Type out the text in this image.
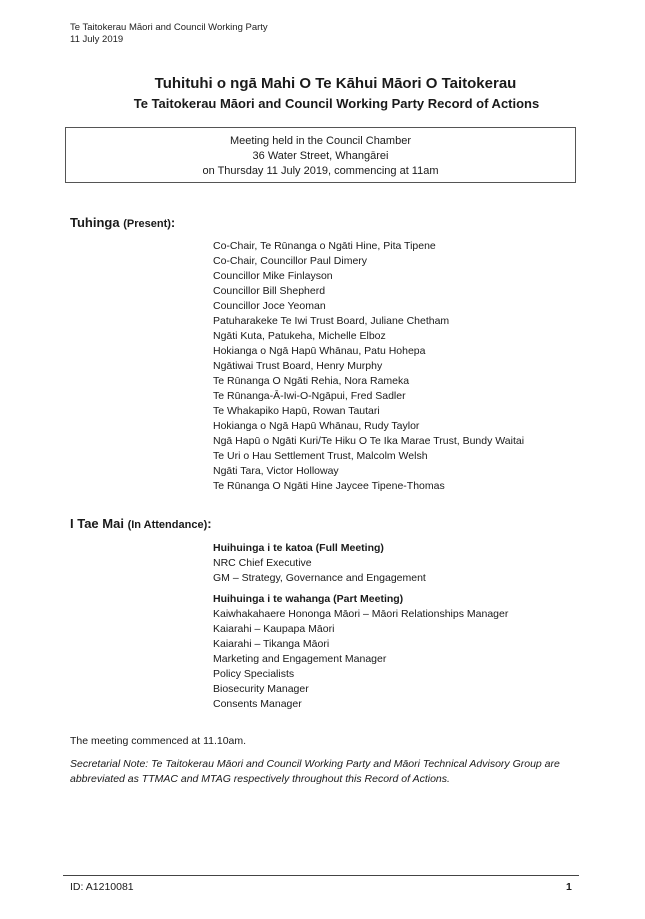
Te Taitokerau Māori and Council Working Party
11 July 2019
Tuhituhi o ngā Mahi O Te Kāhui Māori O Taitokerau
Te Taitokerau Māori and Council Working Party Record of Actions
Meeting held in the Council Chamber
36 Water Street, Whangārei
on Thursday 11 July 2019, commencing at 11am
Tuhinga (Present):
Co-Chair, Te Rūnanga o Ngāti Hine, Pita Tipene
Co-Chair, Councillor Paul Dimery
Councillor Mike Finlayson
Councillor Bill Shepherd
Councillor Joce Yeoman
Patuharakeke Te Iwi Trust Board, Juliane Chetham
Ngāti Kuta, Patukeha, Michelle Elboz
Hokianga o Ngā Hapū Whānau, Patu Hohepa
Ngātiwai Trust Board, Henry Murphy
Te Rūnanga O Ngāti Rehia, Nora Rameka
Te Rūnanga-Ā-Iwi-O-Ngāpui, Fred Sadler
Te Whakapiko Hapū, Rowan Tautari
Hokianga o Ngā Hapū Whānau, Rudy Taylor
Ngā Hapū o Ngāti Kuri/Te Hiku O Te Ika Marae Trust, Bundy Waitai
Te Uri o Hau Settlement Trust, Malcolm Welsh
Ngāti Tara, Victor Holloway
Te Rūnanga O Ngāti Hine Jaycee Tipene-Thomas
I Tae Mai (In Attendance):
Huihuinga i te katoa (Full Meeting)
NRC Chief Executive
GM – Strategy, Governance and Engagement
Huihuinga i te wahanga (Part Meeting)
Kaiwhakahaere Hononga Māori – Māori Relationships Manager
Kaiarahi – Kaupapa Māori
Kaiarahi – Tikanga Māori
Marketing and Engagement Manager
Policy Specialists
Biosecurity Manager
Consents Manager
The meeting commenced at 11.10am.
Secretarial Note: Te Taitokerau Māori and Council Working Party and Māori Technical Advisory Group are abbreviated as TTMAC and MTAG respectively throughout this Record of Actions.
ID: A1210081	1
